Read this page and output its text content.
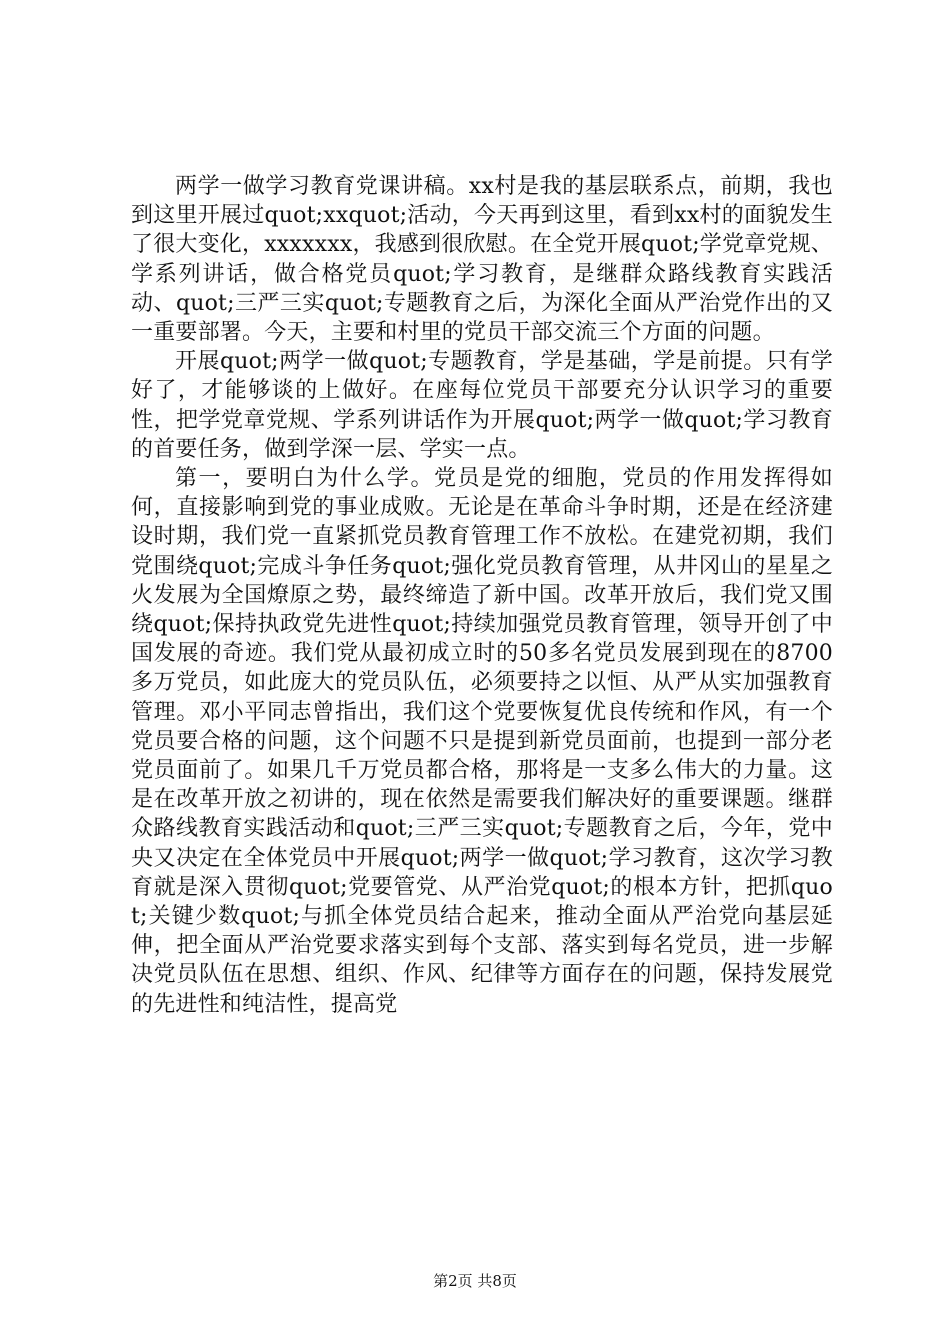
两学一做学习教育党课讲稿。xx村是我的基层联系点，前期，我也到这里开展过quot;xxquot;活动，今天再到这里，看到xx村的面貌发生了很大变化，xxxxxxx，我感到很欣慰。在全党开展quot;学党章党规、学系列讲话，做合格党员quot;学习教育，是继群众路线教育实践活动、quot;三严三实quot;专题教育之后，为深化全面从严治党作出的又一重要部署。今天，主要和村里的党员干部交流三个方面的问题。

开展quot;两学一做quot;专题教育，学是基础，学是前提。只有学好了，才能够谈的上做好。在座每位党员干部要充分认识学习的重要性，把学党章党规、学系列讲话作为开展quot;两学一做quot;学习教育的首要任务，做到学深一层、学实一点。

第一，要明白为什么学。党员是党的细胞，党员的作用发挥得如何，直接影响到党的事业成败。无论是在革命斗争时期，还是在经济建设时期，我们党一直紧抓党员教育管理工作不放松。在建党初期，我们党围绕quot;完成斗争任务quot;强化党员教育管理，从井冈山的星星之火发展为全国燎原之势，最终缔造了新中国。改革开放后，我们党又围绕quot;保持执政党先进性quot;持续加强党员教育管理，领导开创了中国发展的奇迹。我们党从最初成立时的50多名党员发展到现在的8700多万党员，如此庞大的党员队伍，必须要持之以恒、从严从实加强教育管理。邓小平同志曾指出，我们这个党要恢复优良传统和作风，有一个党员要合格的问题，这个问题不只是提到新党员面前，也提到一部分老党员面前了。如果几千万党员都合格，那将是一支多么伟大的力量。这是在改革开放之初讲的，现在依然是需要我们解决好的重要课题。继群众路线教育实践活动和quot;三严三实quot;专题教育之后，今年，党中央又决定在全体党员中开展quot;两学一做quot;学习教育，这次学习教育就是深入贯彻quot;党要管党、从严治党quot;的根本方针，把抓quot;关键少数quot;与抓全体党员结合起来，推动全面从严治党向基层延伸，把全面从严治党要求落实到每个支部、落实到每名党员，进一步解决党员队伍在思想、组织、作风、纪律等方面存在的问题，保持发展党的先进性和纯洁性，提高党

第2页 共8页
